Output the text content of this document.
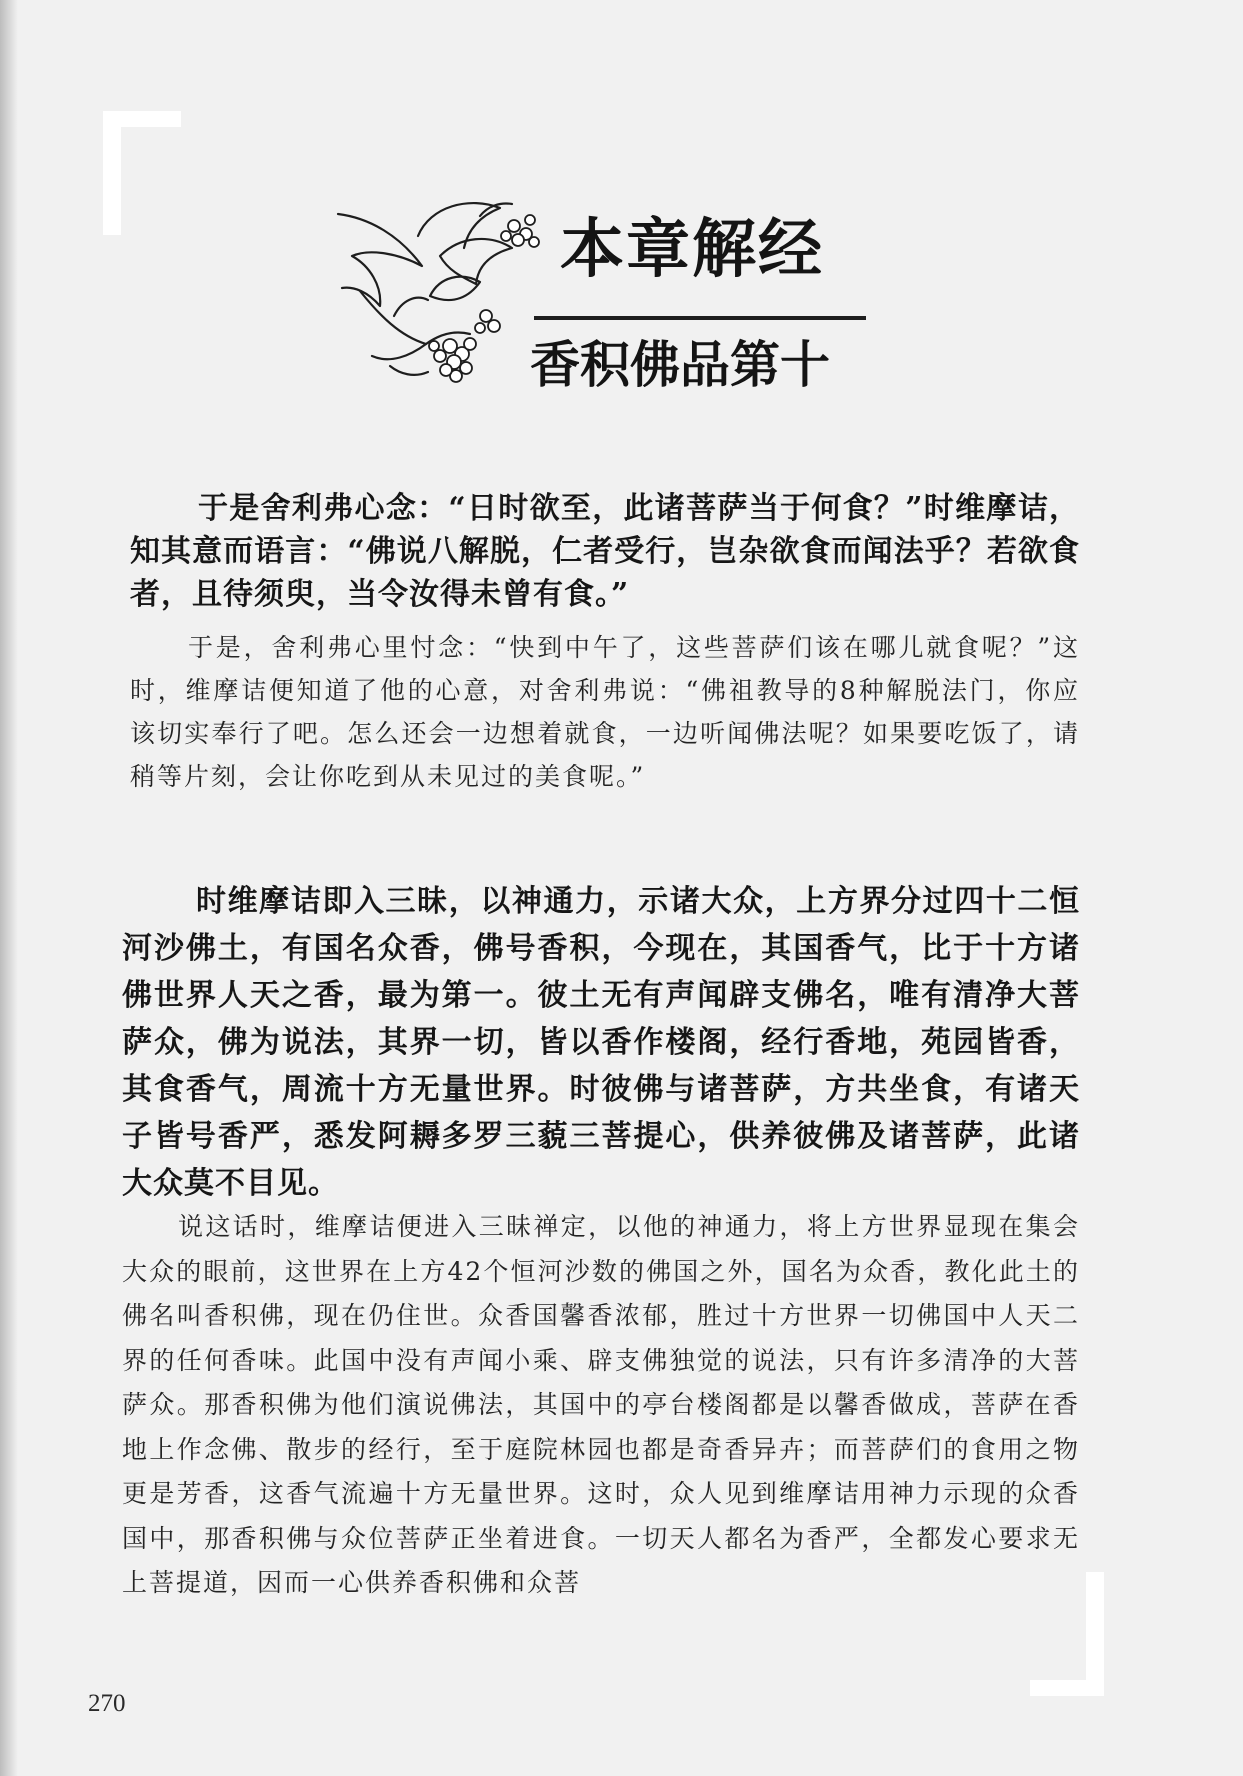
本章解经
香积佛品第十

于是舍利弗心念：“日时欲至，此诸菩萨当于何食？”时维摩诘，知其意而语言：“佛说八解脱，仁者受行，岂杂欲食而闻法乎？若欲食者，且待须臾，当令汝得未曾有食。”

于是，舍利弗心里忖念：“快到中午了，这些菩萨们该在哪儿就食呢？”这时，维摩诘便知道了他的心意，对舍利弗说：“佛祖教导的8种解脱法门，你应该切实奉行了吧。怎么还会一边想着就食，一边听闻佛法呢？如果要吃饭了，请稍等片刻，会让你吃到从未见过的美食呢。”

时维摩诘即入三昧，以神通力，示诸大众，上方界分过四十二恒河沙佛土，有国名众香，佛号香积，今现在，其国香气，比于十方诸佛世界人天之香，最为第一。彼土无有声闻辟支佛名，唯有清净大菩萨众，佛为说法，其界一切，皆以香作楼阁，经行香地，苑园皆香，其食香气，周流十方无量世界。时彼佛与诸菩萨，方共坐食，有诸天子皆号香严，悉发阿耨多罗三藐三菩提心，供养彼佛及诸菩萨，此诸大众莫不目见。

说这话时，维摩诘便进入三昧禅定，以他的神通力，将上方世界显现在集会大众的眼前，这世界在上方42个恒河沙数的佛国之外，国名为众香，教化此土的佛名叫香积佛，现在仍住世。众香国馨香浓郁，胜过十方世界一切佛国中人天二界的任何香味。此国中没有声闻小乘、辟支佛独觉的说法，只有许多清净的大菩萨众。那香积佛为他们演说佛法，其国中的亭台楼阁都是以馨香做成，菩萨在香地上作念佛、散步的经行，至于庭院林园也都是奇香异卉；而菩萨们的食用之物更是芳香，这香气流遍十方无量世界。这时，众人见到维摩诘用神力示现的众香国中，那香积佛与众位菩萨正坐着进食。一切天人都名为香严，全都发心要求无上菩提道，因而一心供养香积佛和众菩

270
